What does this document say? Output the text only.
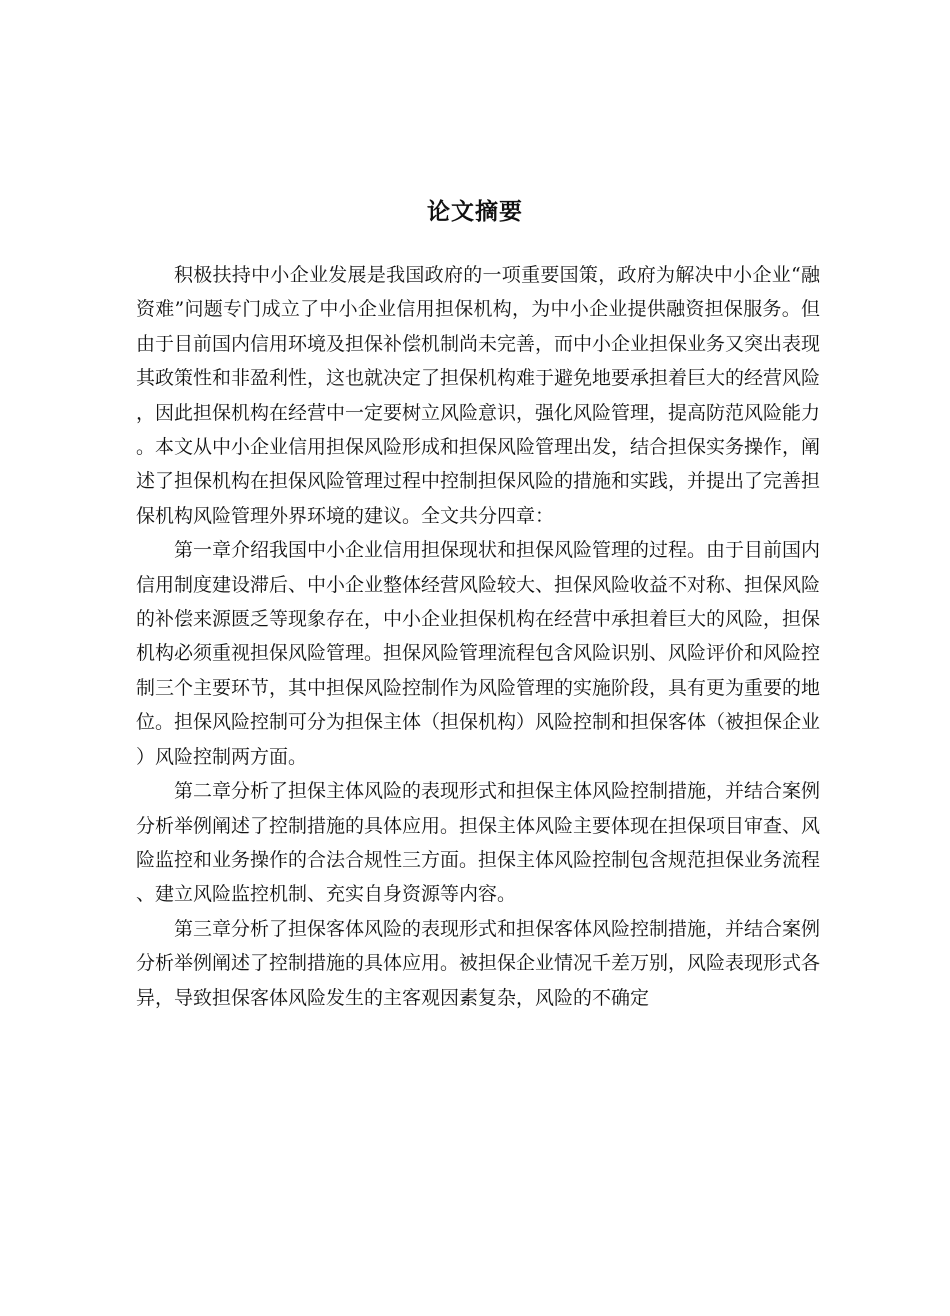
论文摘要

积极扶持中小企业发展是我国政府的一项重要国策，政府为解决中小企业“融资难”问题专门成立了中小企业信用担保机构，为中小企业提供融资担保服务。但由于目前国内信用环境及担保补偿机制尚未完善，而中小企业担保业务又突出表现其政策性和非盈利性，这也就决定了担保机构难于避免地要承担着巨大的经营风险，因此担保机构在经营中一定要树立风险意识，强化风险管理，提高防范风险能力。本文从中小企业信用担保风险形成和担保风险管理出发，结合担保实务操作，阐述了担保机构在担保风险管理过程中控制担保风险的措施和实践，并提出了完善担保机构风险管理外界环境的建议。全文共分四章：

第一章介绍我国中小企业信用担保现状和担保风险管理的过程。由于目前国内信用制度建设滞后、中小企业整体经营风险较大、担保风险收益不对称、担保风险的补偿来源匮乏等现象存在，中小企业担保机构在经营中承担着巨大的风险，担保机构必须重视担保风险管理。担保风险管理流程包含风险识别、风险评价和风险控制三个主要环节，其中担保风险控制作为风险管理的实施阶段，具有更为重要的地位。担保风险控制可分为担保主体（担保机构）风险控制和担保客体（被担保企业）风险控制两方面。

第二章分析了担保主体风险的表现形式和担保主体风险控制措施，并结合案例分析举例阐述了控制措施的具体应用。担保主体风险主要体现在担保项目审查、风险监控和业务操作的合法合规性三方面。担保主体风险控制包含规范担保业务流程、建立风险监控机制、充实自身资源等内容。

第三章分析了担保客体风险的表现形式和担保客体风险控制措施，并结合案例分析举例阐述了控制措施的具体应用。被担保企业情况千差万别，风险表现形式各异，导致担保客体风险发生的主客观因素复杂，风险的不确定
